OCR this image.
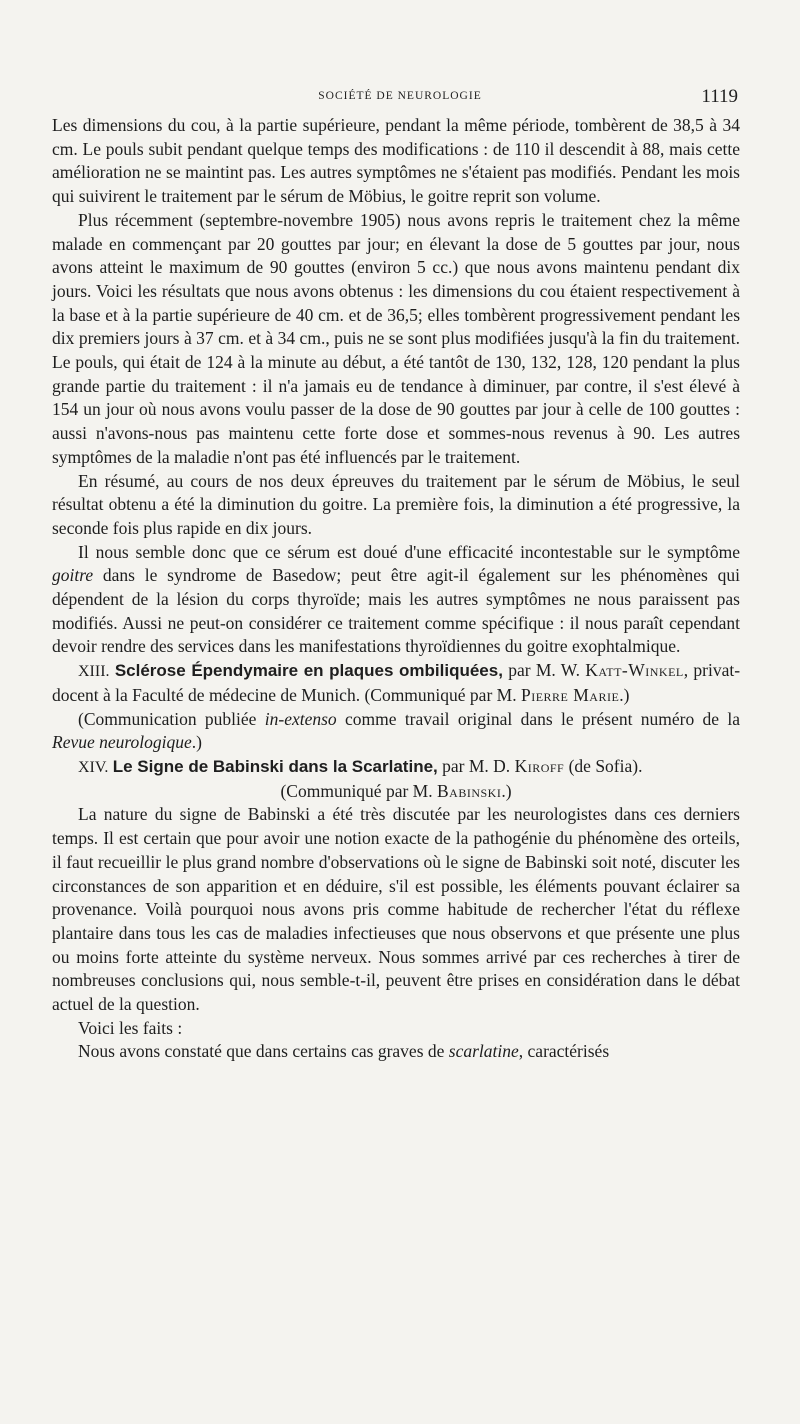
SOCIÉTÉ DE NEUROLOGIE	1119

Les dimensions du cou, à la partie supérieure, pendant la même période, tombèrent de 38,5 à 34 cm. Le pouls subit pendant quelque temps des modifications : de 110 il descendit à 88, mais cette amélioration ne se maintint pas. Les autres symptômes ne s'étaient pas modifiés. Pendant les mois qui suivirent le traitement par le sérum de Möbius, le goitre reprit son volume.

Plus récemment (septembre-novembre 1905) nous avons repris le traitement chez la même malade en commençant par 20 gouttes par jour; en élevant la dose de 5 gouttes par jour, nous avons atteint le maximum de 90 gouttes (environ 5 cc.) que nous avons maintenu pendant dix jours. Voici les résultats que nous avons obtenus : les dimensions du cou étaient respectivement à la base et à la partie supérieure de 40 cm. et de 36,5; elles tombèrent progressivement pendant les dix premiers jours à 37 cm. et à 34 cm., puis ne se sont plus modifiées jusqu'à la fin du traitement. Le pouls, qui était de 124 à la minute au début, a été tantôt de 130, 132, 128, 120 pendant la plus grande partie du traitement : il n'a jamais eu de tendance à diminuer, par contre, il s'est élevé à 154 un jour où nous avons voulu passer de la dose de 90 gouttes par jour à celle de 100 gouttes : aussi n'avons-nous pas maintenu cette forte dose et sommes-nous revenus à 90. Les autres symptômes de la maladie n'ont pas été influencés par le traitement.

En résumé, au cours de nos deux épreuves du traitement par le sérum de Möbius, le seul résultat obtenu a été la diminution du goitre. La première fois, la diminution a été progressive, la seconde fois plus rapide en dix jours.

Il nous semble donc que ce sérum est doué d'une efficacité incontestable sur le symptôme goitre dans le syndrome de Basedow; peut être agit-il également sur les phénomènes qui dépendent de la lésion du corps thyroïde; mais les autres symptômes ne nous paraissent pas modifiés. Aussi ne peut-on considérer ce traitement comme spécifique : il nous paraît cependant devoir rendre des services dans les manifestations thyroïdiennes du goitre exophtalmique.

XIII. Sclérose Épendymaire en plaques ombiliquées, par M. W. Katt-Winkel, privat-docent à la Faculté de médecine de Munich. (Communiqué par M. Pierre Marie.)

(Communication publiée in-extenso comme travail original dans le présent numéro de la Revue neurologique.)

XIV. Le Signe de Babinski dans la Scarlatine, par M. D. Kiroff (de Sofia).

(Communiqué par M. Babinski.)

La nature du signe de Babinski a été très discutée par les neurologistes dans ces derniers temps. Il est certain que pour avoir une notion exacte de la pathogénie du phénomène des orteils, il faut recueillir le plus grand nombre d'observations où le signe de Babinski soit noté, discuter les circonstances de son apparition et en déduire, s'il est possible, les éléments pouvant éclairer sa provenance. Voilà pourquoi nous avons pris comme habitude de rechercher l'état du réflexe plantaire dans tous les cas de maladies infectieuses que nous observons et que présente une plus ou moins forte atteinte du système nerveux. Nous sommes arrivé par ces recherches à tirer de nombreuses conclusions qui, nous semble-t-il, peuvent être prises en considération dans le débat actuel de la question.

Voici les faits :

Nous avons constaté que dans certains cas graves de scarlatine, caractérisés
